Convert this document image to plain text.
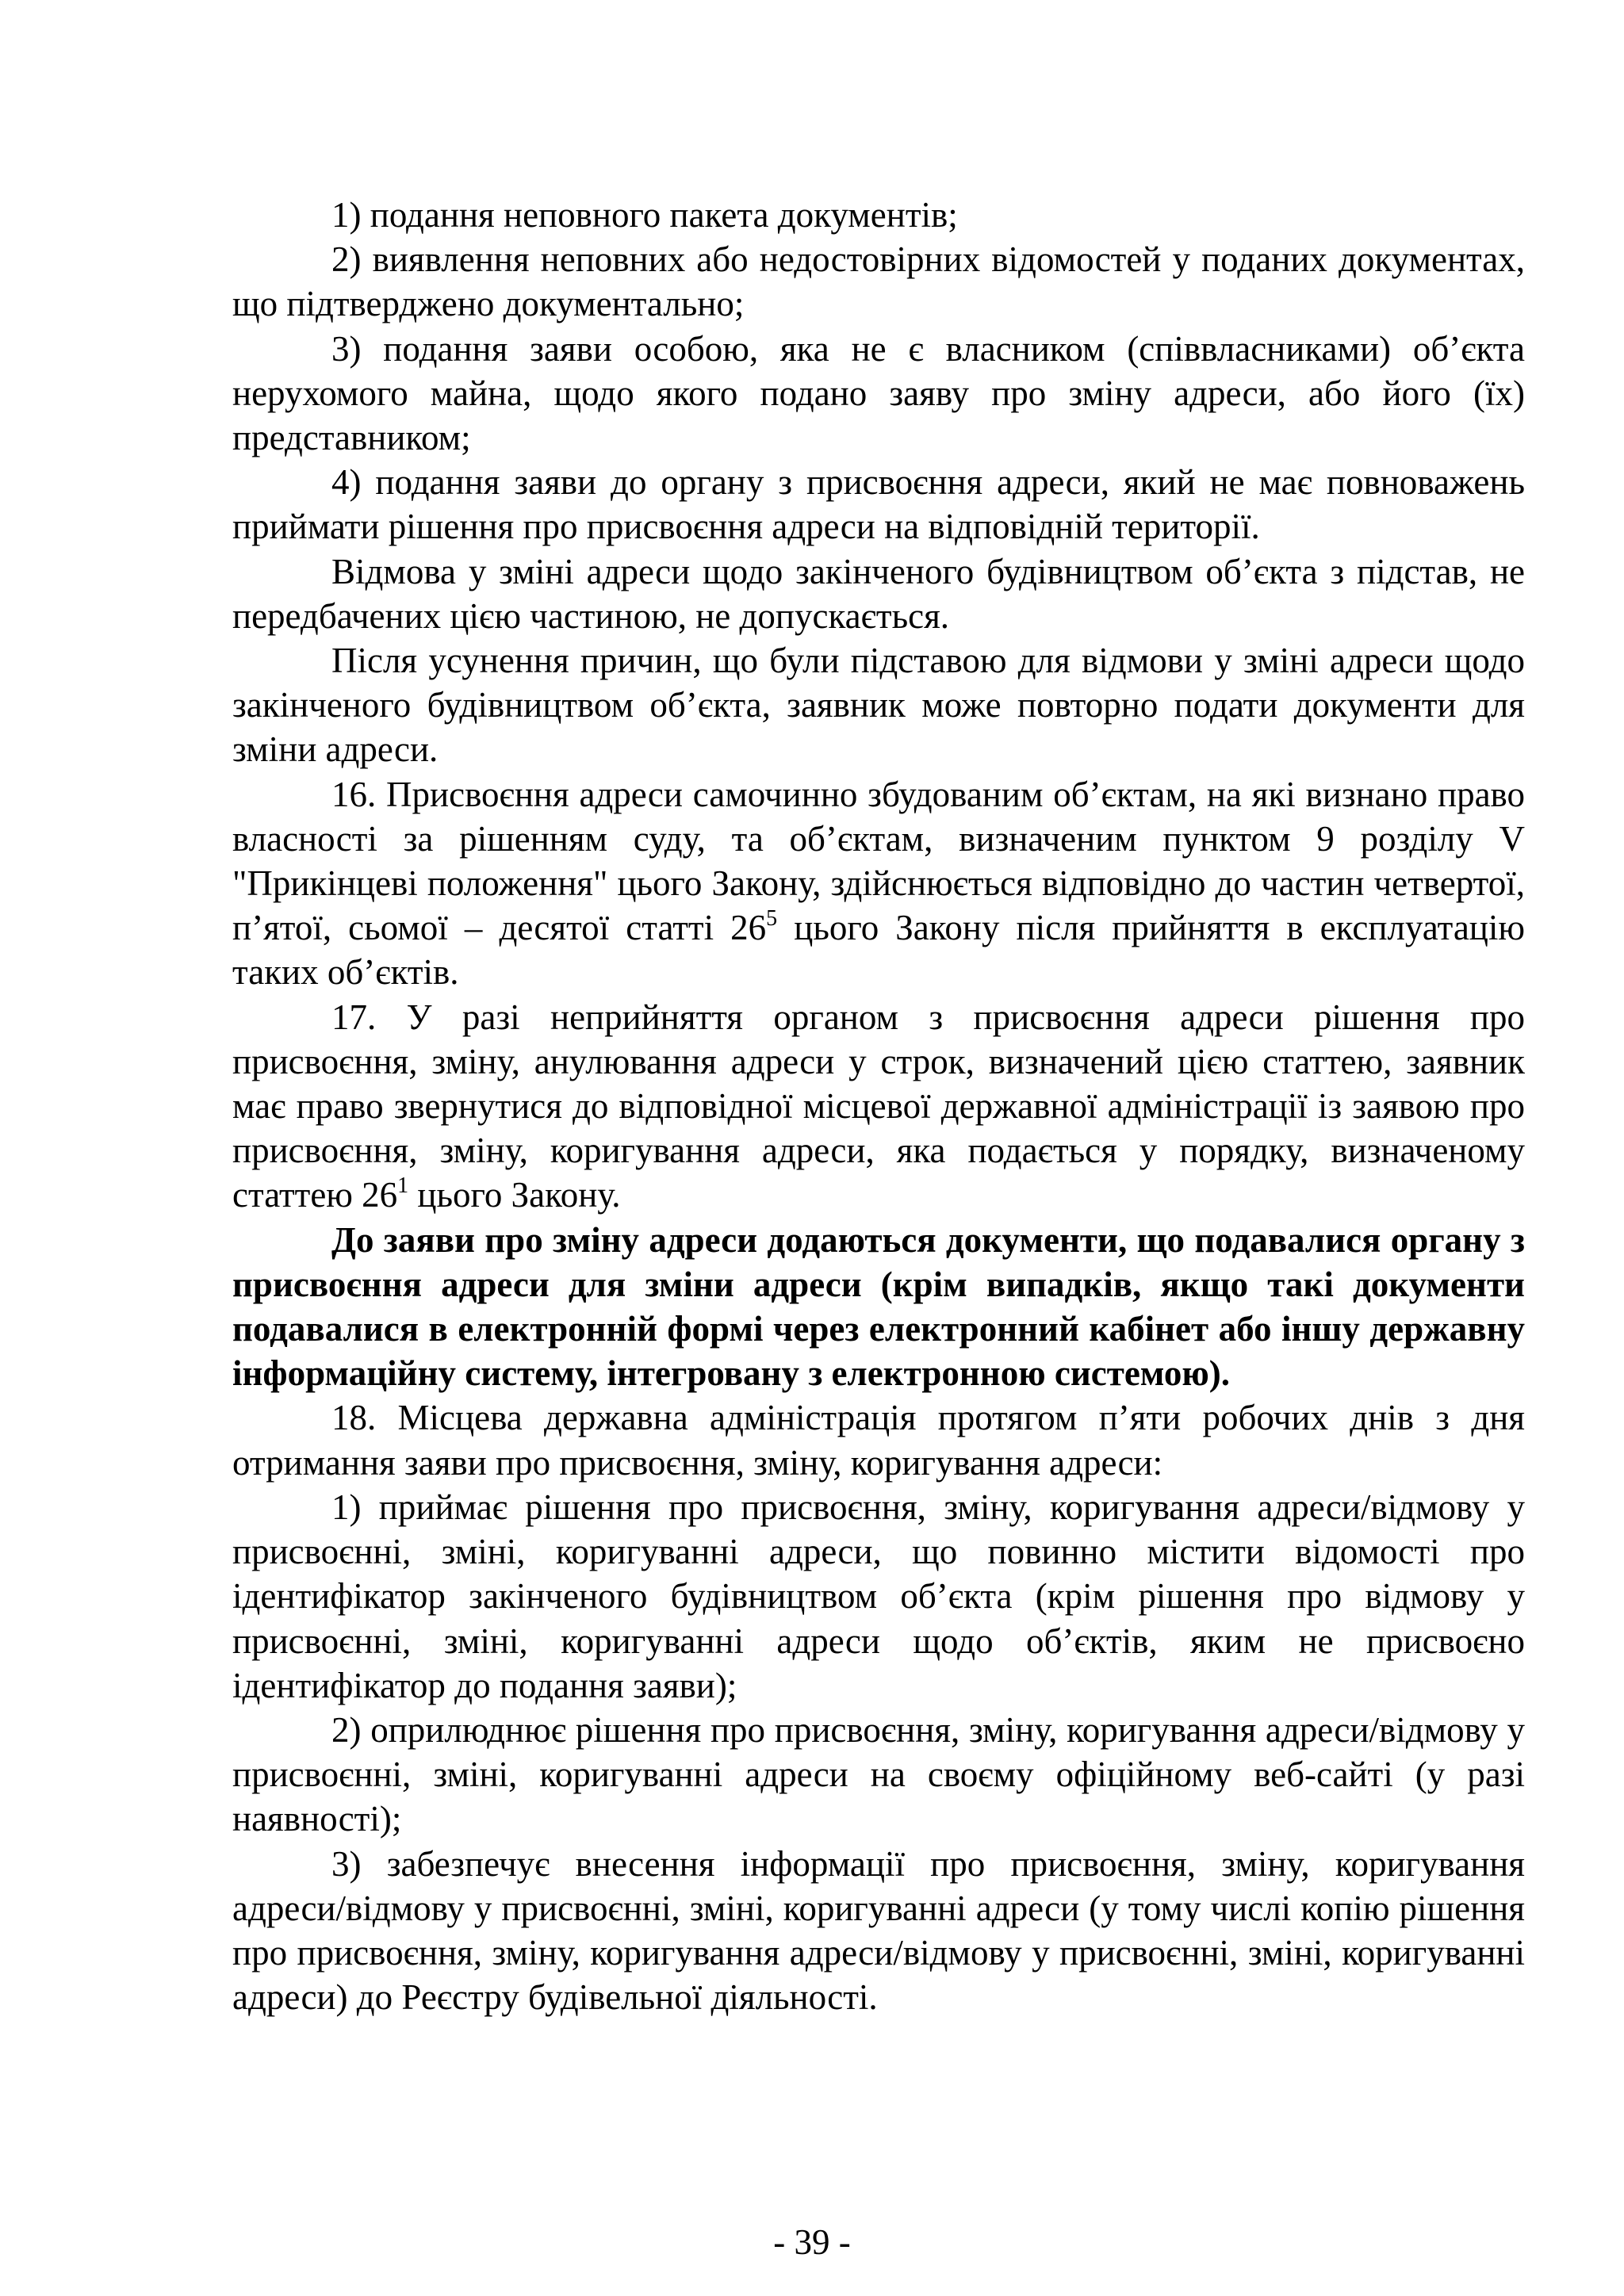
1) подання неповного пакета документів;

2) виявлення неповних або недостовірних відомостей у поданих документах, що підтверджено документально;

3) подання заяви особою, яка не є власником (співвласниками) об’єкта нерухомого майна, щодо якого подано заяву про зміну адреси, або його (їх) представником;

4) подання заяви до органу з присвоєння адреси, який не має повноважень приймати рішення про присвоєння адреси на відповідній території.

Відмова у зміні адреси щодо закінченого будівництвом об’єкта з підстав, не передбачених цією частиною, не допускається.

Після усунення причин, що були підставою для відмови у зміні адреси щодо закінченого будівництвом об’єкта, заявник може повторно подати документи для зміни адреси.

16. Присвоєння адреси самочинно збудованим об’єктам, на які визнано право власності за рішенням суду, та об’єктам, визначеним пунктом 9 розділу V "Прикінцеві положення" цього Закону, здійснюється відповідно до частин четвертої, п’ятої, сьомої – десятої статті $26^5$ цього Закону після прийняття в експлуатацію таких об’єктів.

17. У разі неприйняття органом з присвоєння адреси рішення про присвоєння, зміну, анулювання адреси у строк, визначений цією статтею, заявник має право звернутися до відповідної місцевої державної адміністрації із заявою про присвоєння, зміну, коригування адреси, яка подається у порядку, визначеному статтею $26^1$ цього Закону.

До заяви про зміну адреси додаються документи, що подавалися органу з присвоєння адреси для зміни адреси (крім випадків, якщо такі документи подавалися в електронній формі через електронний кабінет або іншу державну інформаційну систему, інтегровану з електронною системою).

18. Місцева державна адміністрація протягом п’яти робочих днів з дня отримання заяви про присвоєння, зміну, коригування адреси:

1) приймає рішення про присвоєння, зміну, коригування адреси/відмову у присвоєнні, зміні, коригуванні адреси, що повинно містити відомості про ідентифікатор закінченого будівництвом об’єкта (крім рішення про відмову у присвоєнні, зміні, коригуванні адреси щодо об’єктів, яким не присвоєно ідентифікатор до подання заяви);

2) оприлюднює рішення про присвоєння, зміну, коригування адреси/відмову у присвоєнні, зміні, коригуванні адреси на своєму офіційному веб-сайті (у разі наявності);

3) забезпечує внесення інформації про присвоєння, зміну, коригування адреси/відмову у присвоєнні, зміні, коригуванні адреси (у тому числі копію рішення про присвоєння, зміну, коригування адреси/відмову у присвоєнні, зміні, коригуванні адреси) до Реєстру будівельної діяльності.

- 39 -
